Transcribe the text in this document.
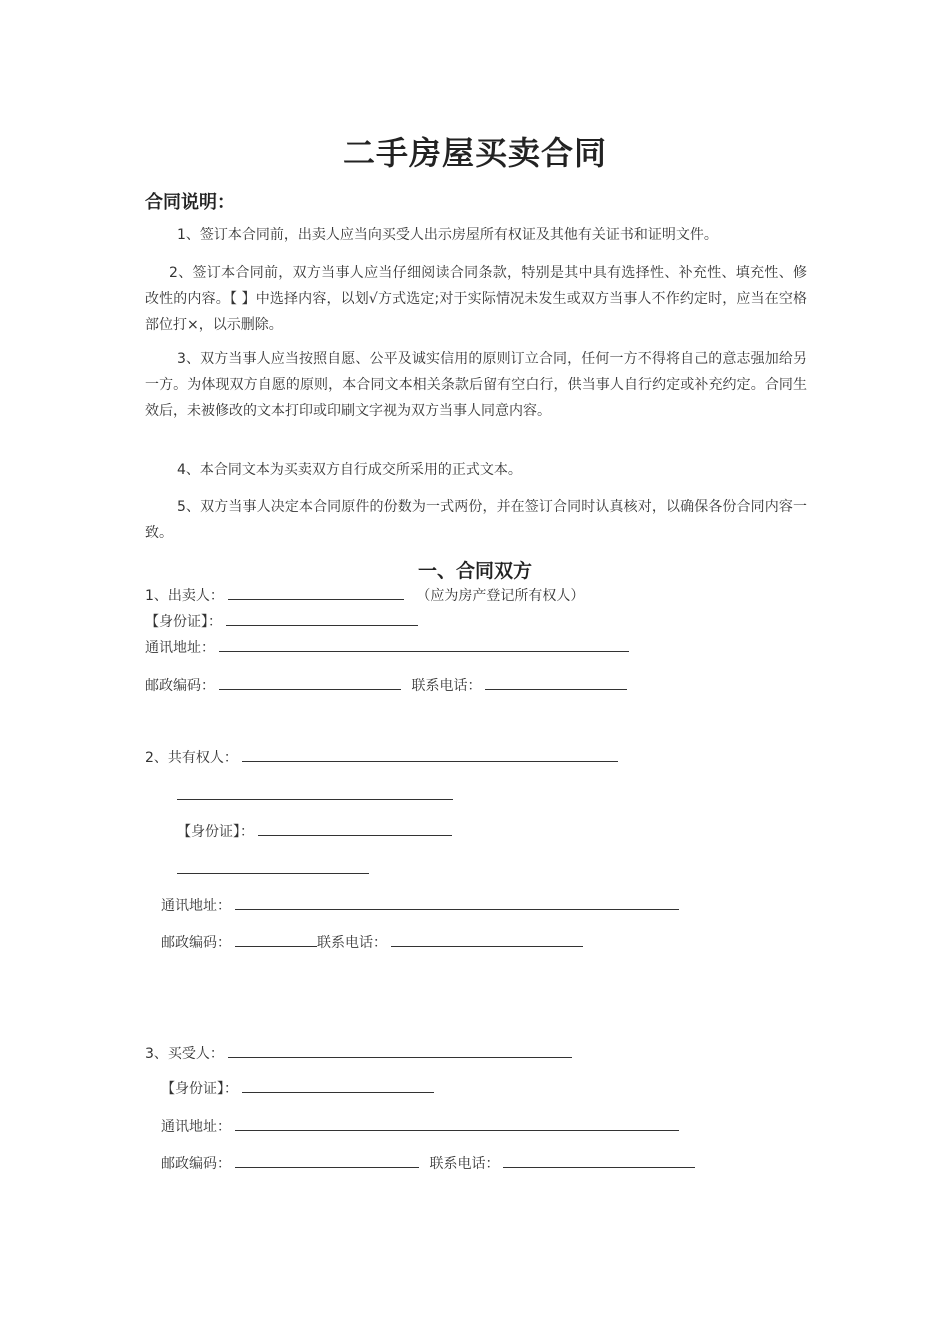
二手房屋买卖合同
合同说明：
1、签订本合同前，出卖人应当向买受人出示房屋所有权证及其他有关证书和证明文件。
2、签订本合同前，双方当事人应当仔细阅读合同条款，特别是其中具有选择性、补充性、填充性、修改性的内容。【 】中选择内容，以划√方式选定;对于实际情况未发生或双方当事人不作约定时，应当在空格部位打×，以示删除。
3、双方当事人应当按照自愿、公平及诚实信用的原则订立合同，任何一方不得将自己的意志强加给另一方。为体现双方自愿的原则，本合同文本相关条款后留有空白行，供当事人自行约定或补充约定。合同生效后，未被修改的文本打印或印刷文字视为双方当事人同意内容。
4、本合同文本为买卖双方自行成交所采用的正式文本。
5、双方当事人决定本合同原件的份数为一式两份，并在签订合同时认真核对，以确保各份合同内容一致。
一、合同双方
1、出卖人：	（应为房产登记所有权人）
【身份证】：
通讯地址：
邮政编码：	联系电话：
2、共有权人：
【身份证】：
通讯地址：
邮政编码：	联系电话：
3、买受人：
【身份证】：
通讯地址：
邮政编码：	联系电话：
